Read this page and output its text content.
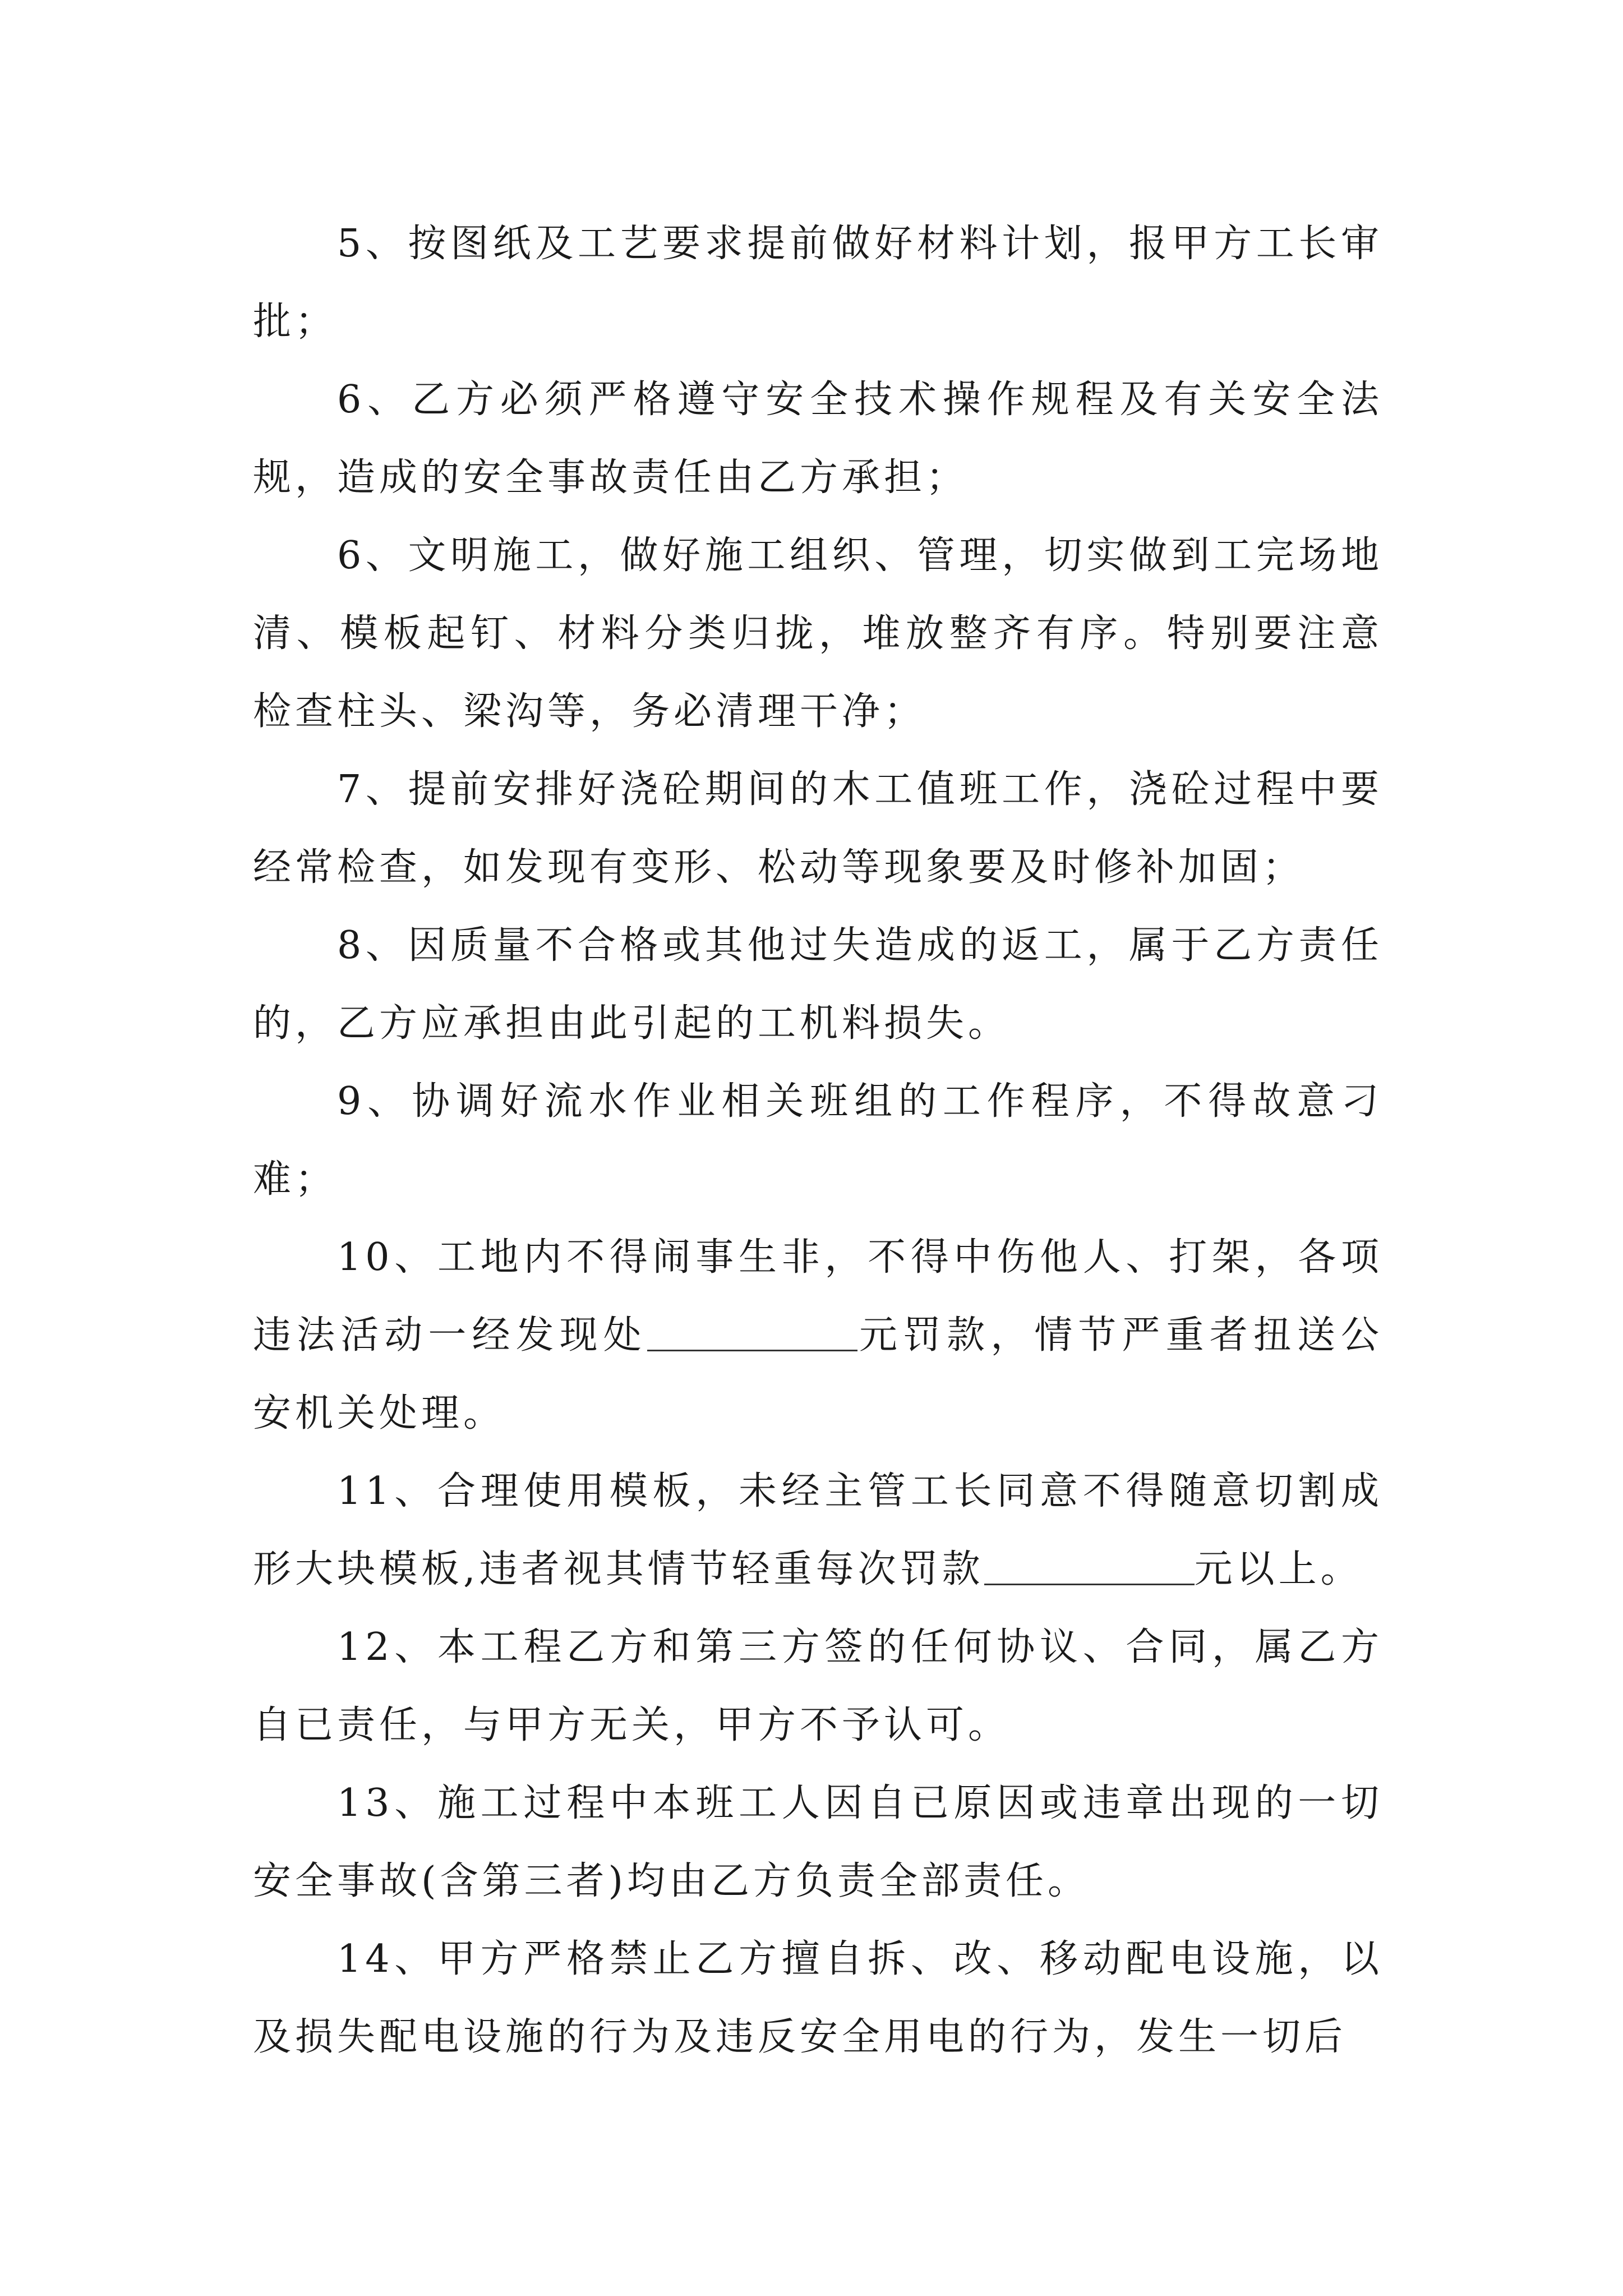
5、按图纸及工艺要求提前做好材料计划，报甲方工长审批；

6、乙方必须严格遵守安全技术操作规程及有关安全法规，造成的安全事故责任由乙方承担；

6、文明施工，做好施工组织、管理，切实做到工完场地清、模板起钉、材料分类归拢，堆放整齐有序。特别要注意检查柱头、梁沟等，务必清理干净；

7、提前安排好浇砼期间的木工值班工作，浇砼过程中要经常检查，如发现有变形、松动等现象要及时修补加固；

8、因质量不合格或其他过失造成的返工，属于乙方责任的，乙方应承担由此引起的工机料损失。

9、协调好流水作业相关班组的工作程序，不得故意刁难；

10、工地内不得闹事生非，不得中伤他人、打架，各项违法活动一经发现处	元罚款，情节严重者扭送公安机关处理。

11、合理使用模板，未经主管工长同意不得随意切割成形大块模板,违者视其情节轻重每次罚款	元以上。

12、本工程乙方和第三方签的任何协议、合同，属乙方自已责任，与甲方无关，甲方不予认可。

13、施工过程中本班工人因自已原因或违章出现的一切安全事故(含第三者)均由乙方负责全部责任。

14、甲方严格禁止乙方擅自拆、改、移动配电设施，以及损失配电设施的行为及违反安全用电的行为，发生一切后
